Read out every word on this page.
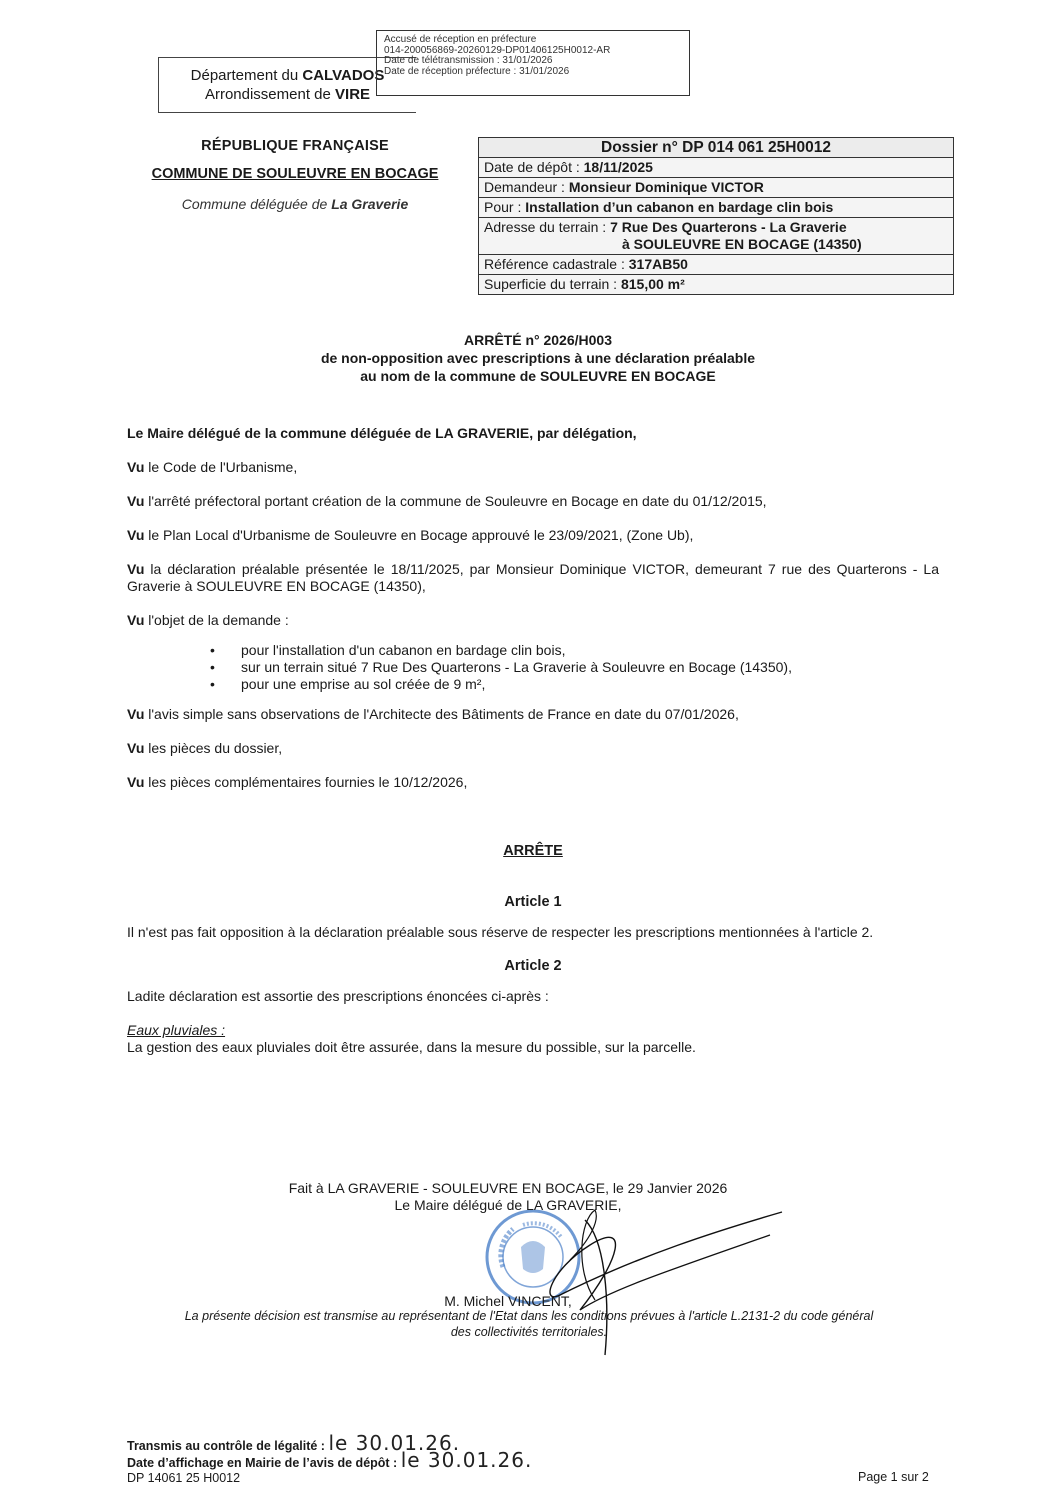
Département du CALVADOS
Arrondissement de VIRE
Accusé de réception en préfecture
014-200056869-20260129-DP01406125H0012-AR
Date de télétransmission : 31/01/2026
Date de réception préfecture : 31/01/2026
RÉPUBLIQUE FRANÇAISE
COMMUNE DE SOULEUVRE EN BOCAGE
Commune déléguée de La Graverie
Dossier n° DP 014 061 25H0012
Date de dépôt : 18/11/2025
Demandeur : Monsieur Dominique VICTOR
Pour : Installation d’un cabanon en bardage clin bois
Adresse du terrain : 7 Rue Des Quarterons - La Graverie
à SOULEUVRE EN BOCAGE (14350)
Référence cadastrale : 317AB50
Superficie du terrain : 815,00 m²
ARRÊTÉ n° 2026/H003
de non-opposition avec prescriptions à une déclaration préalable
au nom de la commune de SOULEUVRE EN BOCAGE

Le Maire délégué de la commune déléguée de LA GRAVERIE, par délégation,

Vu le Code de l'Urbanisme,

Vu l'arrêté préfectoral portant création de la commune de Souleuvre en Bocage en date du 01/12/2015,

Vu le Plan Local d'Urbanisme de Souleuvre en Bocage approuvé le 23/09/2021, (Zone Ub),

Vu la déclaration préalable présentée le 18/11/2025, par Monsieur Dominique VICTOR, demeurant 7 rue des Quarterons - La Graverie à SOULEUVRE EN BOCAGE (14350),

Vu l'objet de la demande :

• pour l'installation d'un cabanon en bardage clin bois,
• sur un terrain situé 7 Rue Des Quarterons - La Graverie à Souleuvre en Bocage (14350),
• pour une emprise au sol créée de 9 m²,

Vu l'avis simple sans observations de l'Architecte des Bâtiments de France en date du 07/01/2026,

Vu les pièces du dossier,

Vu les pièces complémentaires fournies le 10/12/2026,

ARRÊTE
Article 1

Il n'est pas fait opposition à la déclaration préalable sous réserve de respecter les prescriptions mentionnées à l'article 2.

Article 2

Ladite déclaration est assortie des prescriptions énoncées ci-après :

Eaux pluviales :
La gestion des eaux pluviales doit être assurée, dans la mesure du possible, sur la parcelle.
Fait à LA GRAVERIE - SOULEUVRE EN BOCAGE, le 29 Janvier 2026
Le Maire délégué de LA GRAVERIE,
M. Michel VINCENT,
La présente décision est transmise au représentant de l'Etat dans les conditions prévues à l'article L.2131-2 du code général
des collectivités territoriales.
Transmis au contrôle de légalité : le 30.01.26.
Date d’affichage en Mairie de l’avis de dépôt : le 30.01.26.
DP 14061 25 H0012	Page 1 sur 2
